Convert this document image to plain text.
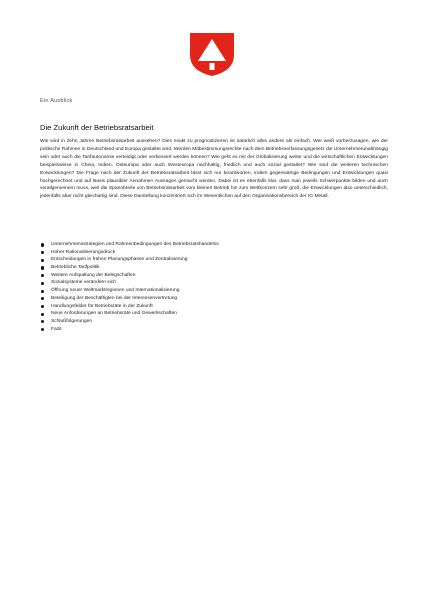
Ein Ausblick
Die Zukunft der Betriebsratsarbeit

Wie wird in zehn Jahren Betriebsratsarbeit aussehen? Dies exakt zu prognostizieren ist natürlich alles andere als einfach. Wer weiß vorherzusagen, wie der politische Rahmen in Deutschland und Europa gestaltet wird. Werden Mitbestimmungsrechte nach dem Betriebsverfassungsgesetz die Unternehmerunabhängig sein oder auch die Tarifautonomie verteidigt oder verbessert werden können? Wie geht es mit der Globalisierung weiter und die wirtschaftlichen Entwicklungen beispielsweise in China, Indien, Osteuropa oder auch Westeuropa nachhaltig, friedlich und auch sozial gestaltet? Wie sind die weiteren technischen Entwicklungen? Die Frage nach der Zukunft der Betriebsratsarbeit lässt sich nur beantworten, indem gegenwärtige Bedingungen und Entwicklungen quasi hochgerechnet und auf Basis plausibler Annahmen Aussagen gemacht werden. Dabei ist es ebenfalls klar, dass man jeweils Schwerpunkte bilden und auch verallgemeinern muss, weil die Spannbreite von Betriebsratsarbeit vom kleinen Betrieb hin zum Weltkonzern sehr groß, die Entwicklungen also unterschiedlich, jedenfalls aber nicht gleichartig sind. Diese Darstellung konzentriert sich im Wesentlichen auf den Organisationsbereich der IG Metall.

Unternehmensstrategien und Rahmenbedingungen des Betriebsratshandelns
Hoher Rationalisierungsdruck
Entscheidungen in frühen Planungsphasen und Zentralisierung
Betriebliche Tarifpolitik
Weitere Aufspaltung der Belegschaften
Sozialsysteme verändern sich
Öffnung neuer Weltmarktregionen und Internationalisierung
Beteiligung der Beschäftigten bei der Interessenvertretung
Handlungsfelder für Betriebsräte in der Zukunft
Neue Anforderungen an Betriebsräte und Gewerkschaften
Schlußfolgerungen
Fazit
